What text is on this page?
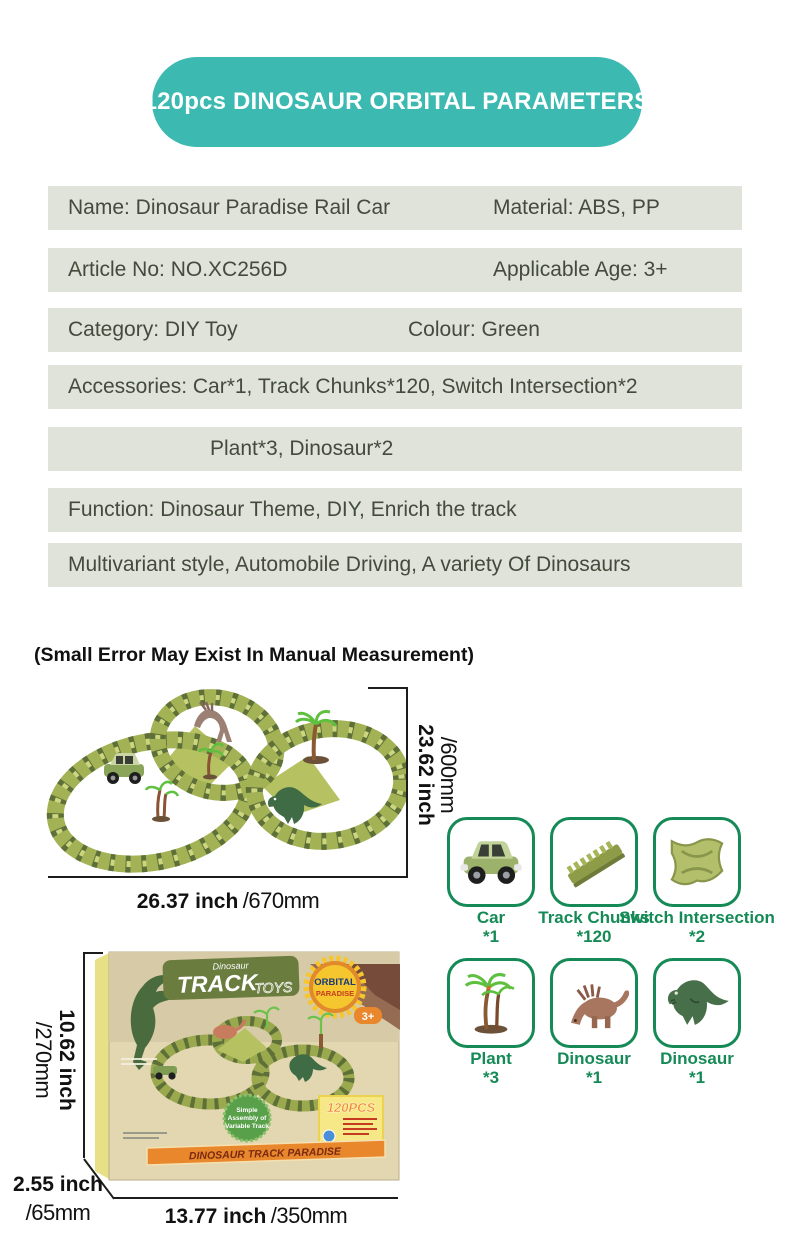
120pcs DINOSAUR ORBITAL PARAMETERS
Name: Dinosaur Paradise Rail Car	Material: ABS, PP
Article No: NO.XC256D	Applicable Age: 3+
Category: DIY Toy	Colour: Green
Accessories: Car*1, Track Chunks*120, Switch Intersection*2
Plant*3, Dinosaur*2
Function: Dinosaur Theme, DIY, Enrich the track
Multivariant style, Automobile Driving, A variety Of Dinosaurs
(Small Error May Exist In Manual Measurement)
/600mm
23.62 inch
26.37 inch /670mm
Car
*1
Track Chunks
*120
Switch Intersection
*2
Plant
*3
Dinosaur
*1
Dinosaur
*1
Dinosaur
TRACK
TOYS ORBITAL
PARADISE
3+
Simple
Assembly of
Variable Track
120PCS
DINOSAUR TRACK PARADISE
10.62 inch
/270mm
2.55 inch
/65mm	13.77 inch /350mm
